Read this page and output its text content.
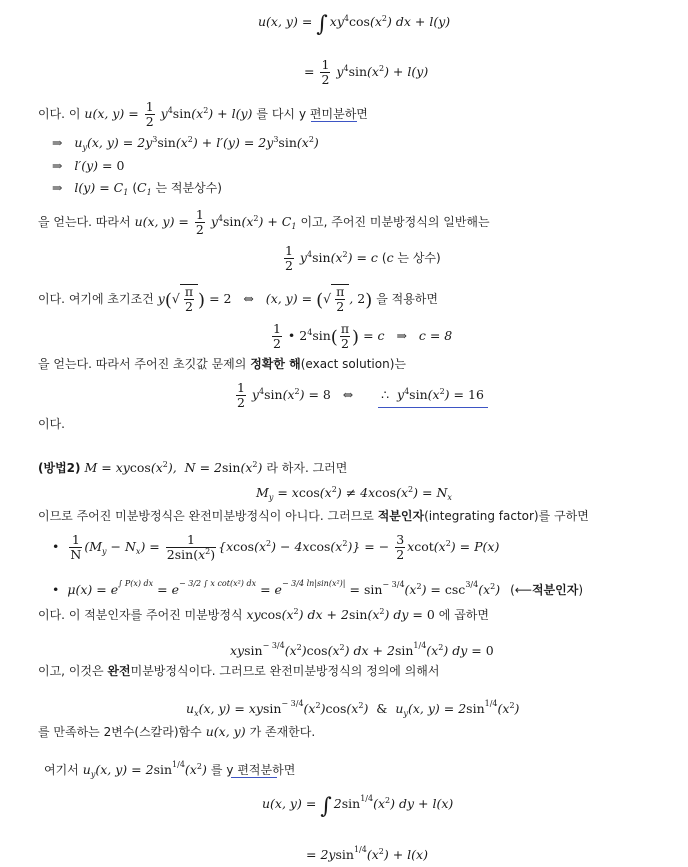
u(x, y) = ∫ $xy^4\cos(x^2)$ dx + l(y)
= $\frac{1}{2} y^4\sin(x^2) + l(y)$
이다. 이 u(x, $y) = \frac{1}{2} y^4\sin(x^2) + l(y)$ 를 다시 y 편미분하면
⇒   $u_y(x$, $y) = 2y^3\sin(x^2) + l'(y) = 2y^3\sin(x^2)$
⇒   l′(y) = 0
⇒   $l(y) = C_1$ ($C_1$ 는 적분상수)
을 얻는다. 따라서 u(x, $y) = \frac{1}{2} y^4\sin(x^2) + C_1$ 이고, 주어진 미분방정식의 일반해는
$\frac{1}{2} y^4\sin(x^2) = c$ (c 는 상수)
이다. 여기에 초기조건 $y(√ \frac{\pi}{2}$ ) = 2 ⇔   (x, y) = (√ $\frac{\pi}{2}$ , 2) 을 적용하면
$\frac{1}{2}$ • $2^4\sin( \frac{\pi}{2}$ ) = c   ⇒ c = 8
을 얻는다. 따라서 주어진 초깃값 문제의 정확한 해(exact solution)는
$\frac{1}{2} y^4\sin(x^2) = 8$ ⇔ ∴  $y^4\sin(x^2) = 16$
이다.
(방법2) $M = xycos(x^2)$,  $N = 2\sin(x^2)$ 라 하자. 그러면
$M_y = xcos(x^2) \ne 4xcos(x^2) = N_x$
이므로 주어진 미분방정식은 완전미분방정식이 아니다. 그러므로 적분인자(integrating factor)를 구하면
• $\frac{1}{N} (M_y - N_x) = \frac{1}{2\sin(x^2)} \{xcos(x^2) - 4xcos(x^2)\}$ = − $\frac{3}{2} xcot(x^2) = P(x)$
• $\mu(x) = e^{\int P(x) dx} = e^{- 3/2 \int x cot(x^2) dx} = e^{- 3/4 ln|sin(x^2)|} = \sin^{- 3/4}(x^2) = \csc^{3/4}(x^2)$ (⟵적분인자)
이다. 이 적분인자를 주어진 미분방정식 $xycos(x^2)$ dx + $2\sin(x^2)$ dy = 0 에 곱하면
$xysin^{- 3/4}(x^2)\cos(x^2)$ dx + $2\sin^{1/4}(x^2)$ dy = 0
이고, 이것은 완전미분방정식이다. 그러므로 완전미분방정식의 정의에 의해서
$u_x(x$, $y) = xysin^{- 3/4}(x^2)\cos(x^2)$  &  $u_y(x$, $y) = 2\sin^{1/4}(x^2)$
를 만족하는 2변수(스칼라)함수 u(x, y) 가 존재한다.
여기서 $u_y(x$, $y) = 2\sin^{1/4}(x^2)$ 를 y 편적분하면
u(x, y) = ∫ $2\sin^{1/4}(x^2)$ dy + l(x)
= $2ysin^{1/4}(x^2) + l(x)$
